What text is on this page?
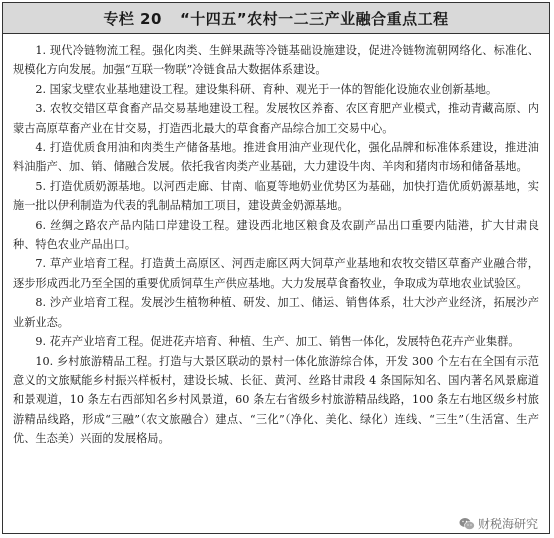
专栏 20 “十四五”农村一二三产业融合重点工程

1. 现代冷链物流工程。强化肉类、生鲜果蔬等冷链基础设施建设，促进冷链物流朝网络化、标准化、规模化方向发展。加强“互联一物联”冷链食品大数据体系建设。

2. 国家戈壁农业基地建设工程。建设集科研、育种、观光于一体的智能化设施农业创新基地。

3. 农牧交错区草食畜产品交易基地建设工程。发展牧区养畜、农区育肥产业模式，推动青藏高原、内蒙古高原草畜产业在甘交易，打造西北最大的草食畜产品综合加工交易中心。

4. 打造优质食用油和肉类生产储备基地。推进食用油产业现代化，强化品牌和标准体系建设，推进油料油脂产、加、销、储融合发展。依托我省肉类产业基础，大力建设牛肉、羊肉和猪肉市场和储备基地。

5. 打造优质奶源基地。以河西走廊、甘南、临夏等地奶业优势区为基础，加快打造优质奶源基地，实施一批以伊利制造为代表的乳制品精加工项目，建设黄金奶源基地。

6. 丝绸之路农产品内陆口岸建设工程。建设西北地区粮食及农副产品出口重要内陆港，扩大甘肃良种、特色农业产品出口。

7. 草产业培育工程。打造黄土高原区、河西走廊区两大饲草产业基地和农牧交错区草畜产业融合带，逐步形成西北乃至全国的重要优质饲草生产供应基地。大力发展草食畜牧业，争取成为草地农业试验区。

8. 沙产业培育工程。发展沙生植物种植、研发、加工、储运、销售体系，壮大沙产业经济，拓展沙产业新业态。

9. 花卉产业培育工程。促进花卉培育、种植、生产、加工、销售一体化，发展特色花卉产业集群。

10. 乡村旅游精品工程。打造与大景区联动的景村一体化旅游综合体，开发 300 个左右在全国有示范意义的文旅赋能乡村振兴样板村，建设长城、长征、黄河、丝路甘肃段 4 条国际知名、国内著名风景廊道和景观道，10 条左右西部知名乡村风景道，60 条左右省级乡村旅游精品线路，100 条左右地区级乡村旅游精品线路，形成“三融”（农文旅融合）建点、“三化”（净化、美化、绿化）连线、“三生”（生活富、生产优、生态美）兴面的发展格局。

财税海研究
